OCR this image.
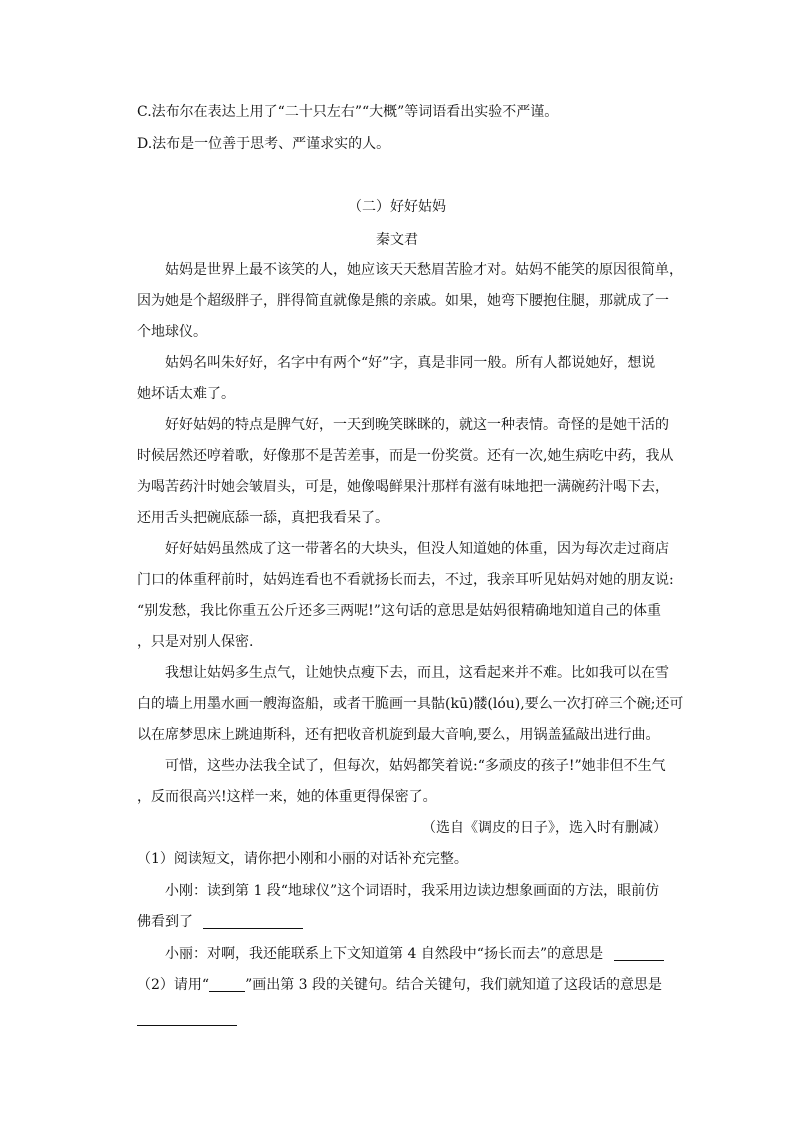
C.法布尔在表达上用了“二十只左右”“大概”等词语看出实验不严谨。
D.法布是一位善于思考、严谨求实的人。
（二）好好姑妈
秦文君
姑妈是世界上最不该笑的人，她应该天天愁眉苦脸才对。姑妈不能笑的原因很简单，
因为她是个超级胖子，胖得简直就像是熊的亲戚。如果，她弯下腰抱住腿，那就成了一
个地球仪。
姑妈名叫朱好好，名字中有两个“好”字，真是非同一般。所有人都说她好，想说
她坏话太难了。
好好姑妈的特点是脾气好，一天到晚笑眯眯的，就这一种表情。奇怪的是她干活的
时候居然还哼着歌，好像那不是苦差事，而是一份奖赏。还有一次,她生病吃中药，我从
为喝苦药汁时她会皱眉头，可是，她像喝鲜果汁那样有滋有味地把一满碗药汁喝下去，
还用舌头把碗底舔一舔，真把我看呆了。
好好姑妈虽然成了这一带著名的大块头，但没人知道她的体重，因为每次走过商店
门口的体重秤前时，姑妈连看也不看就扬长而去，不过，我亲耳听见姑妈对她的朋友说:
“别发愁，我比你重五公斤还多三两呢!”这句话的意思是姑妈很精确地知道自己的体重
，只是对别人保密.
我想让姑妈多生点气，让她快点瘦下去，而且，这看起来并不难。比如我可以在雪
白的墙上用墨水画一艘海盗船，或者干脆画一具骷(kū)髅(lóu),要么一次打碎三个碗;还可
以在席梦思床上跳迪斯科，还有把收音机旋到最大音响,要么，用锅盖猛敲出进行曲。
可惜，这些办法我全试了，但每次，姑妈都笑着说:“多顽皮的孩子!”她非但不生气
，反而很高兴!这样一来，她的体重更得保密了。
（选自《调皮的日子》，选入时有删减）
（1）阅读短文，请你把小刚和小丽的对话补充完整。
小刚：读到第 1 段“地球仪”这个词语时，我采用边读边想象画面的方法，眼前仿
佛看到了
小丽：对啊，我还能联系上下文知道第 4 自然段中“扬长而去”的意思是
（2）请用“	”画出第 3 段的关键句。结合关键句，我们就知道了这段话的意思是
